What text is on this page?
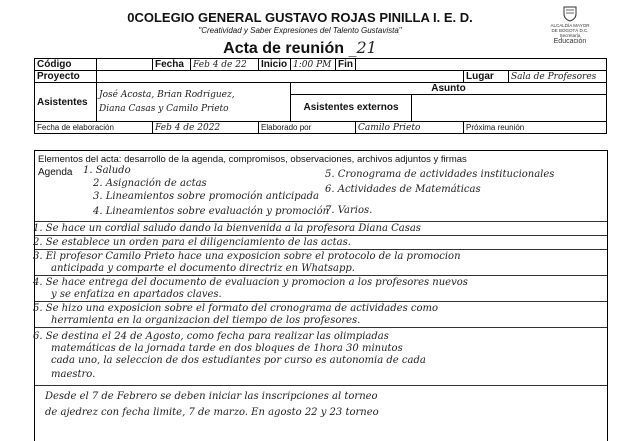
0COLEGIO GENERAL GUSTAVO ROJAS PINILLA I. E. D.
"Creatividad y Saber Expresiones del Talento Gustavista"
Acta de reunión _21
ALCALDÍA MAYOR
DE BOGOTÁ D.C.
Secretaría
Educación
Código		Fecha	Feb 4 de 22	Inicio	1:00 PM	Fin				
Proyecto									Lugar	Sala de Profesores
Asistentes	José Acosta, Brian Rodriguez,
Diana Casas y Camilo Prieto				Asunto					
					Asistentes externos					
Fecha de elaboración		Feb 4 de 2022		Elaborado por			Camilo Prieto		Próxima reunión	
Elementos del acta: desarrollo de la agenda, compromisos, observaciones, archivos adjuntos y firmas
Agenda 1. Saludo
2. Asignación de actas
3. Lineamientos sobre promoción anticipada
4. Lineamientos sobre evaluación y promoción
5. Cronograma de actividades institucionales
6. Actividades de Matemáticas
7. Varios.
1. Se hace un cordial saludo dando la bienvenida a la profesora Diana Casas
2. Se establece un orden para el diligenciamiento de las actas.
3. El profesor Camilo Prieto hace una exposicion sobre el protocolo de la promocion
anticipada y comparte el documento directriz en Whatsapp.
4. Se hace entrega del documento de evaluacion y promocion a los profesores nuevos
y se enfatiza en apartados claves.
5. Se hizo una exposicion sobre el formato del cronograma de actividades como
herramienta en la organizacion del tiempo de los profesores.
6. Se destina el 24 de Agosto, como fecha para realizar las olimpiadas
matemáticas de la jornada tarde en dos bloques de 1hora 30 minutos
cada uno, la seleccion de dos estudiantes por curso es autonomia de cada
maestro.
Desde el 7 de Febrero se deben iniciar las inscripciones al torneo
de ajedrez con fecha limite, 7 de marzo. En agosto 22 y 23 torneo
